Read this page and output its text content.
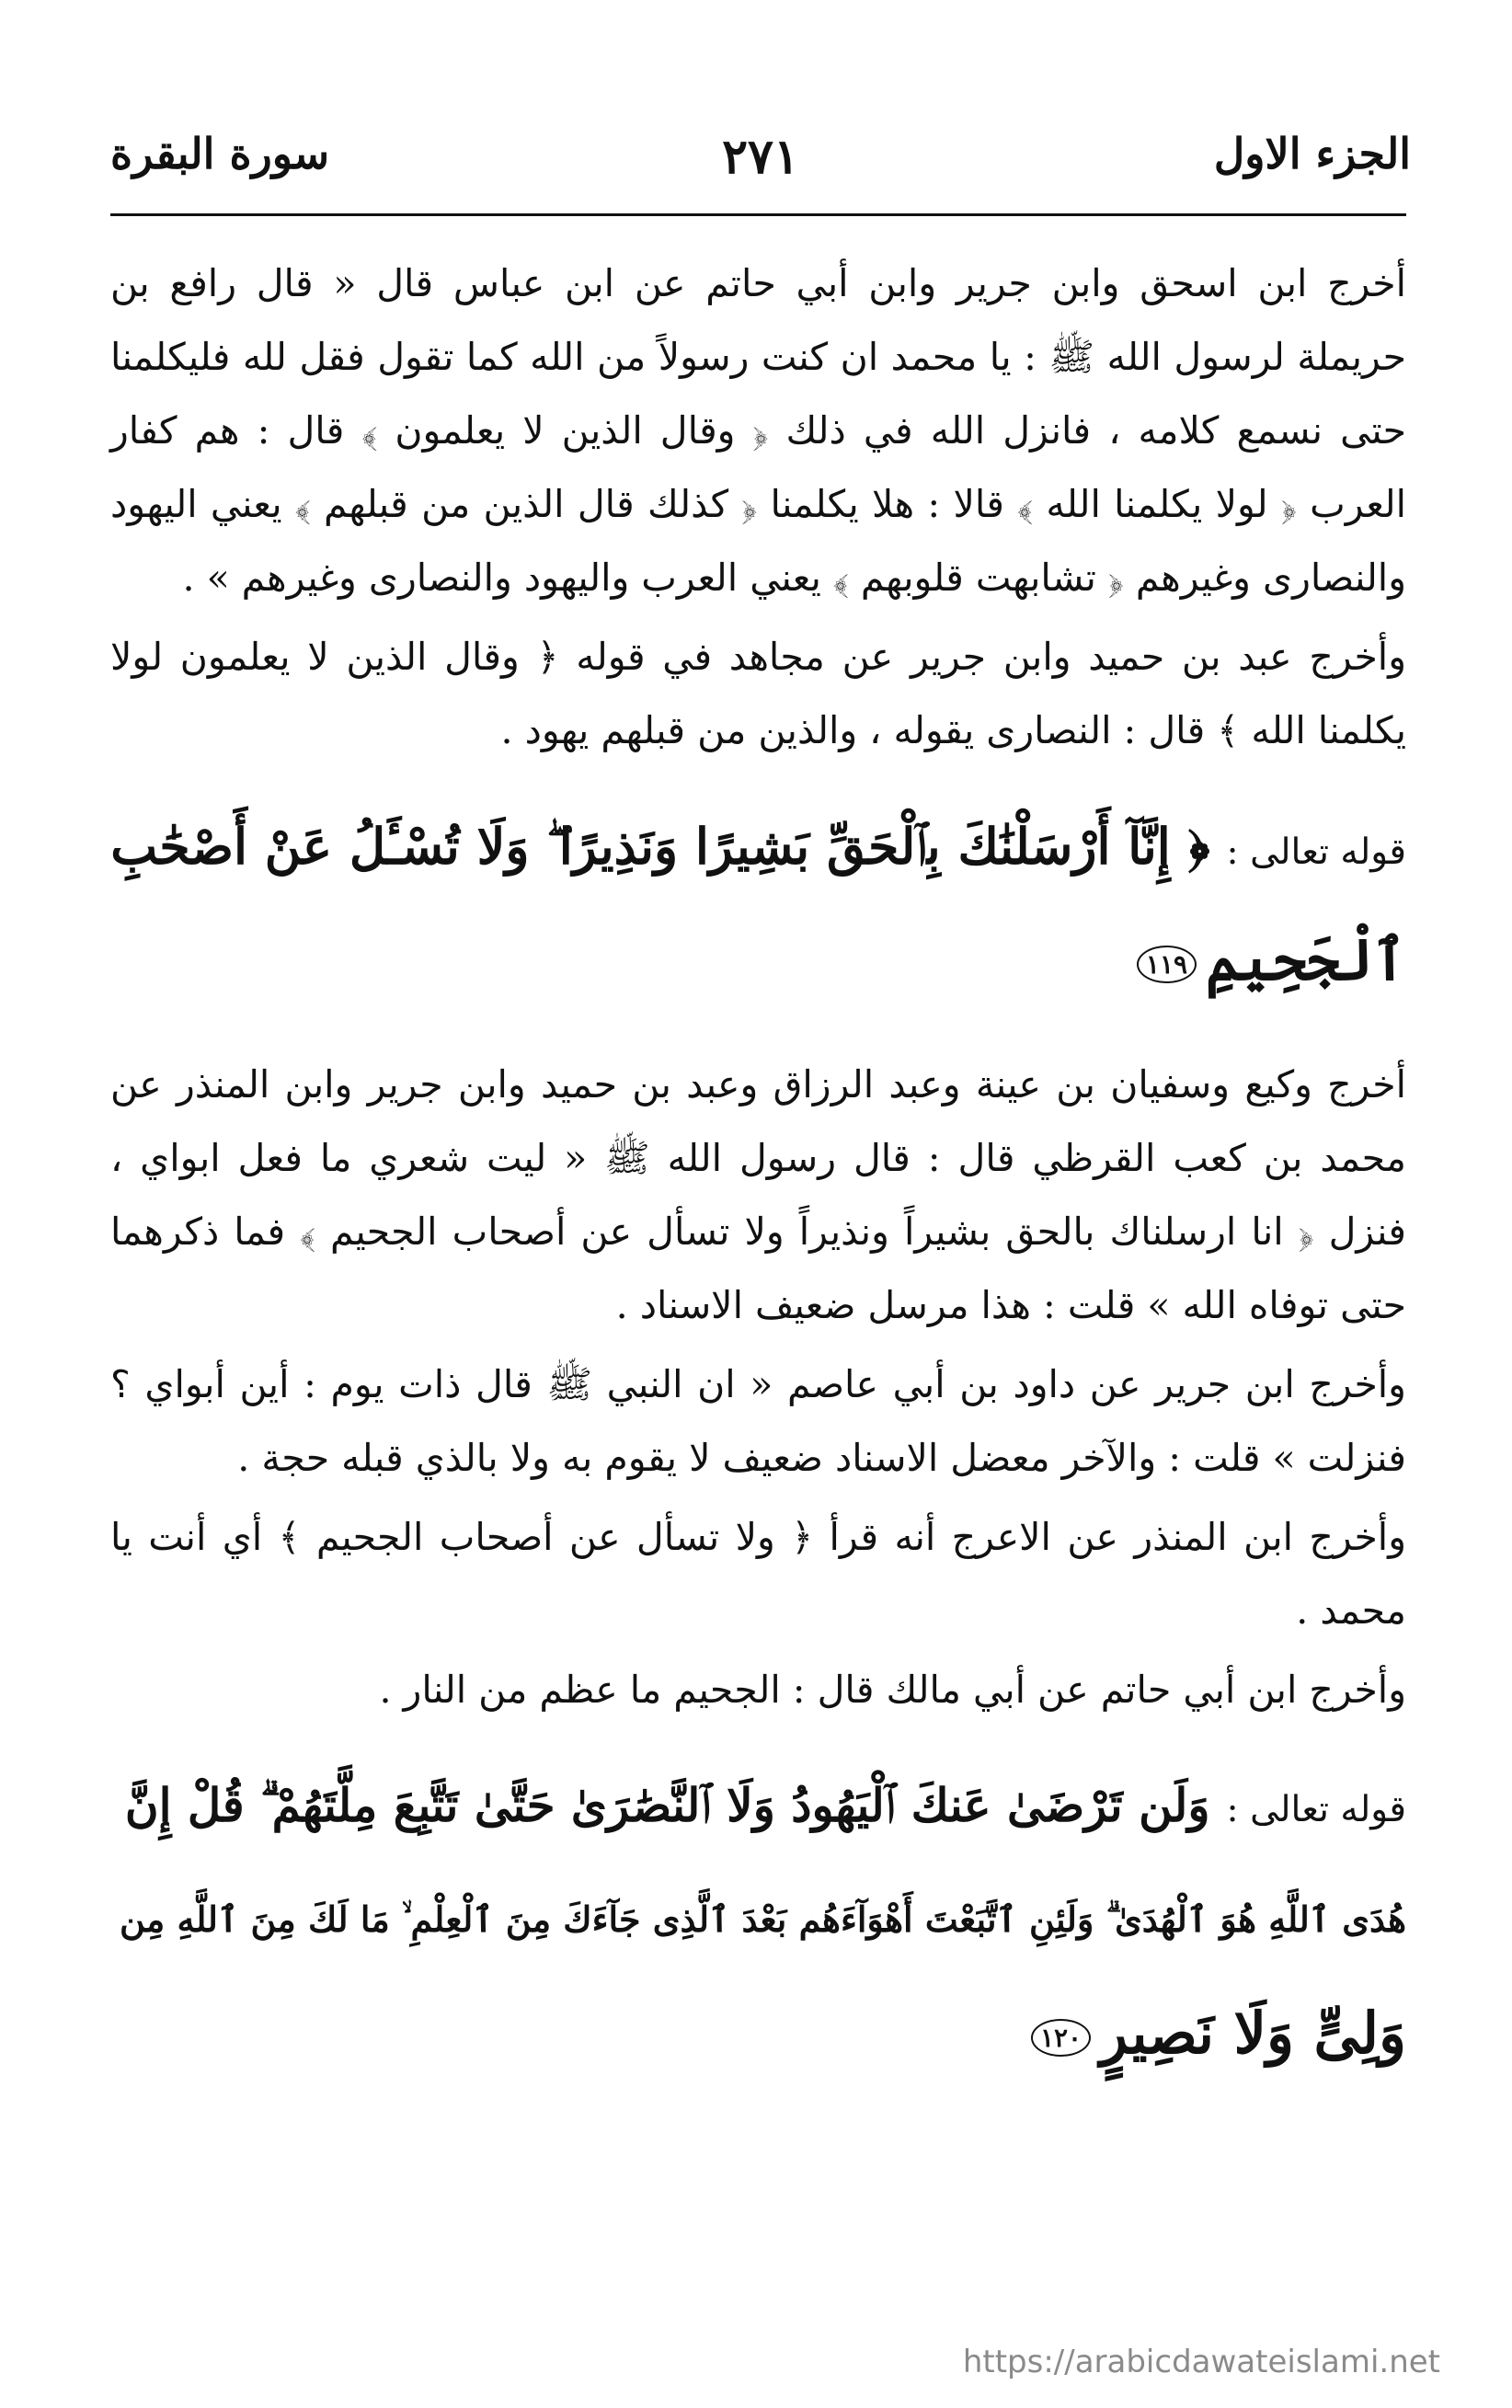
الجزء الاول
٢٧١
سورة البقرة

أخرج ابن اسحق وابن جرير وابن أبي حاتم عن ابن عباس قال « قال رافع بن حريملة لرسول الله ﷺ : يا محمد ان كنت رسولاً من الله كما تقول فقل لله فليكلمنا حتى نسمع كلامه ، فانزل الله في ذلك ﴿ وقال الذين لا يعلمون ﴾ قال : هم كفار العرب ﴿ لولا يكلمنا الله ﴾ قالا : هلا يكلمنا ﴿ كذلك قال الذين من قبلهم ﴾ يعني اليهود والنصارى وغيرهم ﴿ تشابهت قلوبهم ﴾ يعني العرب واليهود والنصارى وغيرهم » .

وأخرج عبد بن حميد وابن جرير عن مجاهد في قوله ﴿ وقال الذين لا يعلمون لولا يكلمنا الله ﴾ قال : النصارى يقوله ، والذين من قبلهم يهود .

قوله تعالى :
﴿ إِنَّآ أَرْسَلْنَٰكَ بِٱلْحَقِّ بَشِيرًا وَنَذِيرًا ۖ وَلَا تُسْـَٔلُ عَنْ أَصْحَٰبِ
ٱلْجَحِيمِ١١٩

أخرج وكيع وسفيان بن عينة وعبد الرزاق وعبد بن حميد وابن جرير وابن المنذر عن محمد بن كعب القرظي قال : قال رسول الله ﷺ « ليت شعري ما فعل ابواي ، فنزل ﴿ انا ارسلناك بالحق بشيراً ونذيراً ولا تسأل عن أصحاب الجحيم ﴾ فما ذكرهما حتى توفاه الله » قلت : هذا مرسل ضعيف الاسناد .

وأخرج ابن جرير عن داود بن أبي عاصم « ان النبي ﷺ قال ذات يوم : أين أبواي ؟ فنزلت » قلت : والآخر معضل الاسناد ضعيف لا يقوم به ولا بالذي قبله حجة .

وأخرج ابن المنذر عن الاعرج أنه قرأ ﴿ ولا تسأل عن أصحاب الجحيم ﴾ أي أنت يا محمد .

وأخرج ابن أبي حاتم عن أبي مالك قال : الجحيم ما عظم من النار .

قوله تعالى :
وَلَن تَرْضَىٰ عَنكَ ٱلْيَهُودُ وَلَا ٱلنَّصَٰرَىٰ حَتَّىٰ تَتَّبِعَ مِلَّتَهُمْ ۗ قُلْ إِنَّ
هُدَى ٱللَّهِ هُوَ ٱلْهُدَىٰ ۗ وَلَئِنِ ٱتَّبَعْتَ أَهْوَآءَهُم بَعْدَ ٱلَّذِى جَآءَكَ مِنَ ٱلْعِلْمِ ۙ مَا لَكَ مِنَ ٱللَّهِ مِن
وَلِىٍّ وَلَا نَصِيرٍ١٢٠
https://arabicdawateislami.net
